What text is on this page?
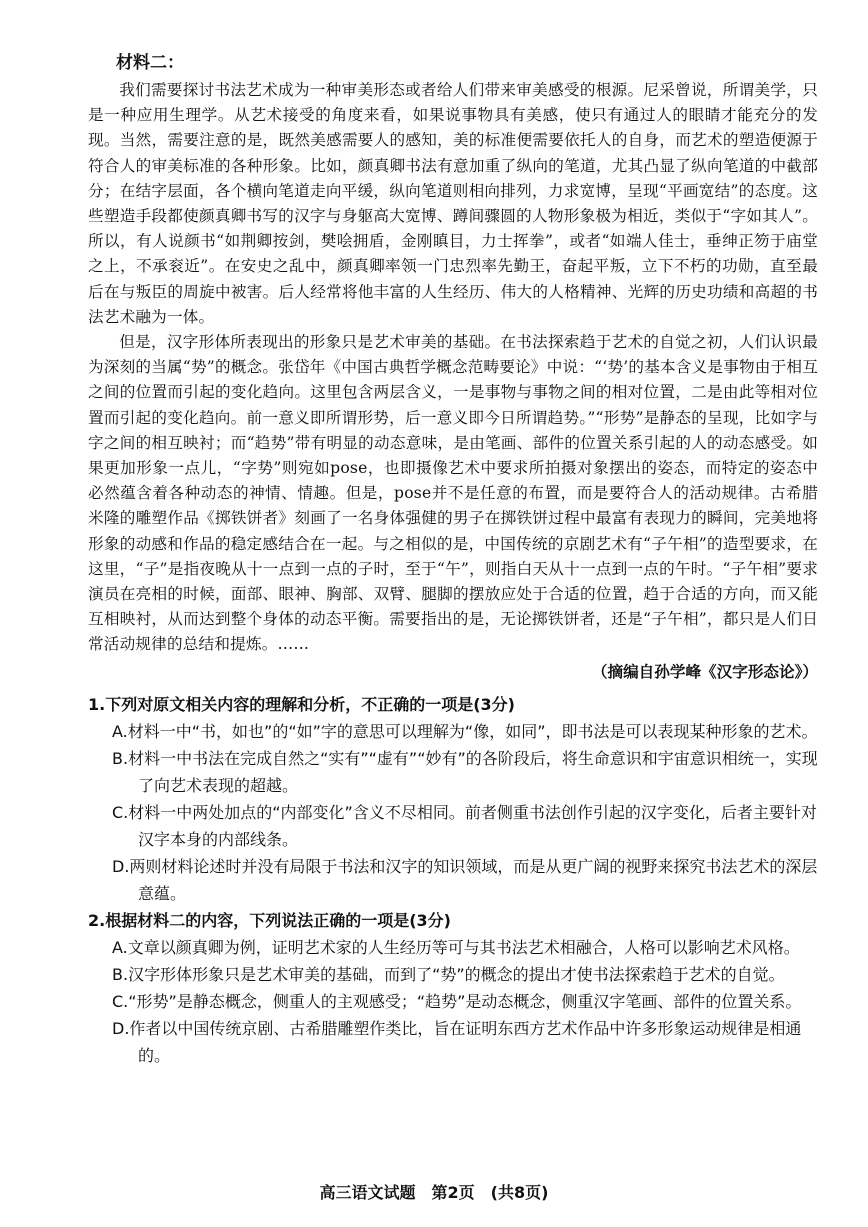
材料二：

我们需要探讨书法艺术成为一种审美形态或者给人们带来审美感受的根源。尼采曾说，所谓美学，只是一种应用生理学。从艺术接受的角度来看，如果说事物具有美感，使只有通过人的眼睛才能充分的发现。当然，需要注意的是，既然美感需要人的感知，美的标准便需要依托人的自身，而艺术的塑造便源于符合人的审美标准的各种形象。比如，颜真卿书法有意加重了纵向的笔道，尤其凸显了纵向笔道的中截部分；在结字层面，各个横向笔道走向平缓，纵向笔道则相向排列，力求宽博，呈现“平画宽结”的态度。这些塑造手段都使颜真卿书写的汉字与身躯高大宽博、蹲间骤圆的人物形象极为相近，类似于“字如其人”。所以，有人说颜书“如荆卿按剑，樊哙拥盾，金刚瞋目，力士挥拳”，或者“如端人佳士，垂绅正笏于庙堂之上，不承衮近”。在安史之乱中，颜真卿率领一门忠烈率先勤王，奋起平叛，立下不朽的功勋，直至最后在与叛臣的周旋中被害。后人经常将他丰富的人生经历、伟大的人格精神、光辉的历史功绩和高超的书法艺术融为一体。

但是，汉字形体所表现出的形象只是艺术审美的基础。在书法探索趋于艺术的自觉之初，人们认识最为深刻的当属“势”的概念。张岱年《中国古典哲学概念范畴要论》中说：“‘势’的基本含义是事物由于相互之间的位置而引起的变化趋向。这里包含两层含义，一是事物与事物之间的相对位置，二是由此等相对位置而引起的变化趋向。前一意义即所谓形势，后一意义即今日所谓趋势。”“形势”是静态的呈现，比如字与字之间的相互映衬；而“趋势”带有明显的动态意味，是由笔画、部件的位置关系引起的人的动态感受。如果更加形象一点儿，“字势”则宛如pose，也即摄像艺术中要求所拍摄对象摆出的姿态，而特定的姿态中必然蕴含着各种动态的神情、情趣。但是，pose并不是任意的布置，而是要符合人的活动规律。古希腊米隆的雕塑作品《掷铁饼者》刻画了一名身体强健的男子在掷铁饼过程中最富有表现力的瞬间，完美地将形象的动感和作品的稳定感结合在一起。与之相似的是，中国传统的京剧艺术有“子午相”的造型要求，在这里，“子”是指夜晚从十一点到一点的子时，至于“午”，则指白天从十一点到一点的午时。“子午相”要求演员在亮相的时候，面部、眼神、胸部、双臂、腿脚的摆放应处于合适的位置，趋于合适的方向，而又能互相映衬，从而达到整个身体的动态平衡。需要指出的是，无论掷铁饼者，还是“子午相”，都只是人们日常活动规律的总结和提炼。……

（摘编自孙学峰《汉字形态论》）

1.下列对原文相关内容的理解和分析，不正确的一项是(3分)

A.材料一中“书，如也”的“如”字的意思可以理解为“像，如同”，即书法是可以表现某种形象的艺术。

B.材料一中书法在完成自然之“实有”“虚有”“妙有”的各阶段后，将生命意识和宇宙意识相统一，实现了向艺术表现的超越。

C.材料一中两处加点的“内部变化”含义不尽相同。前者侧重书法创作引起的汉字变化，后者主要针对汉字本身的内部线条。

D.两则材料论述时并没有局限于书法和汉字的知识领域，而是从更广阔的视野来探究书法艺术的深层意蕴。

2.根据材料二的内容，下列说法正确的一项是(3分)

A.文章以颜真卿为例，证明艺术家的人生经历等可与其书法艺术相融合，人格可以影响艺术风格。

B.汉字形体形象只是艺术审美的基础，而到了“势”的概念的提出才使书法探索趋于艺术的自觉。

C.“形势”是静态概念，侧重人的主观感受；“趋势”是动态概念，侧重汉字笔画、部件的位置关系。

D.作者以中国传统京剧、古希腊雕塑作类比，旨在证明东西方艺术作品中许多形象运动规律是相通的。

高三语文试题　第2页　(共8页)
